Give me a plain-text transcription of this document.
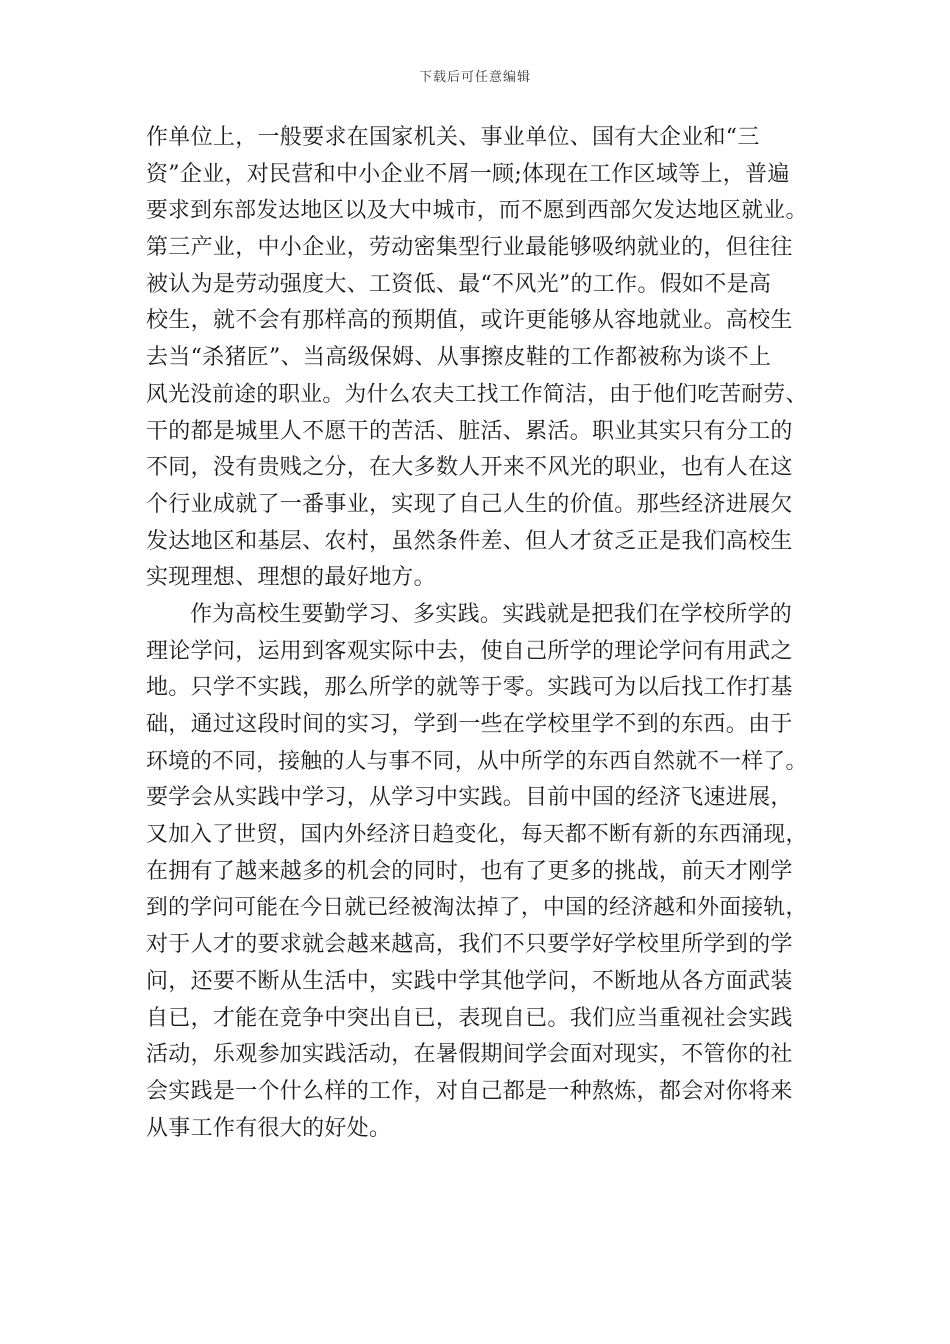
下载后可任意编辑
作单位上，一般要求在国家机关、事业单位、国有大企业和“三
资”企业，对民营和中小企业不屑一顾;体现在工作区域等上，普遍
要求到东部发达地区以及大中城市，而不愿到西部欠发达地区就业。
第三产业，中小企业，劳动密集型行业最能够吸纳就业的，但往往
被认为是劳动强度大、工资低、最“不风光”的工作。假如不是高
校生，就不会有那样高的预期值，或许更能够从容地就业。高校生
去当“杀猪匠”、当高级保姆、从事擦皮鞋的工作都被称为谈不上
风光没前途的职业。为什么农夫工找工作简洁，由于他们吃苦耐劳、
干的都是城里人不愿干的苦活、脏活、累活。职业其实只有分工的
不同，没有贵贱之分，在大多数人开来不风光的职业，也有人在这
个行业成就了一番事业，实现了自己人生的价值。那些经济进展欠
发达地区和基层、农村，虽然条件差、但人才贫乏正是我们高校生
实现理想、理想的最好地方。
作为高校生要勤学习、多实践。实践就是把我们在学校所学的
理论学问，运用到客观实际中去，使自己所学的理论学问有用武之
地。只学不实践，那么所学的就等于零。实践可为以后找工作打基
础，通过这段时间的实习，学到一些在学校里学不到的东西。由于
环境的不同，接触的人与事不同，从中所学的东西自然就不一样了。
要学会从实践中学习，从学习中实践。目前中国的经济飞速进展，
又加入了世贸，国内外经济日趋变化，每天都不断有新的东西涌现，
在拥有了越来越多的机会的同时，也有了更多的挑战，前天才刚学
到的学问可能在今日就已经被淘汰掉了，中国的经济越和外面接轨，
对于人才的要求就会越来越高，我们不只要学好学校里所学到的学
问，还要不断从生活中，实践中学其他学问，不断地从各方面武装
自已，才能在竞争中突出自已，表现自已。我们应当重视社会实践
活动，乐观参加实践活动，在暑假期间学会面对现实，不管你的社
会实践是一个什么样的工作，对自己都是一种熬炼，都会对你将来
从事工作有很大的好处。
